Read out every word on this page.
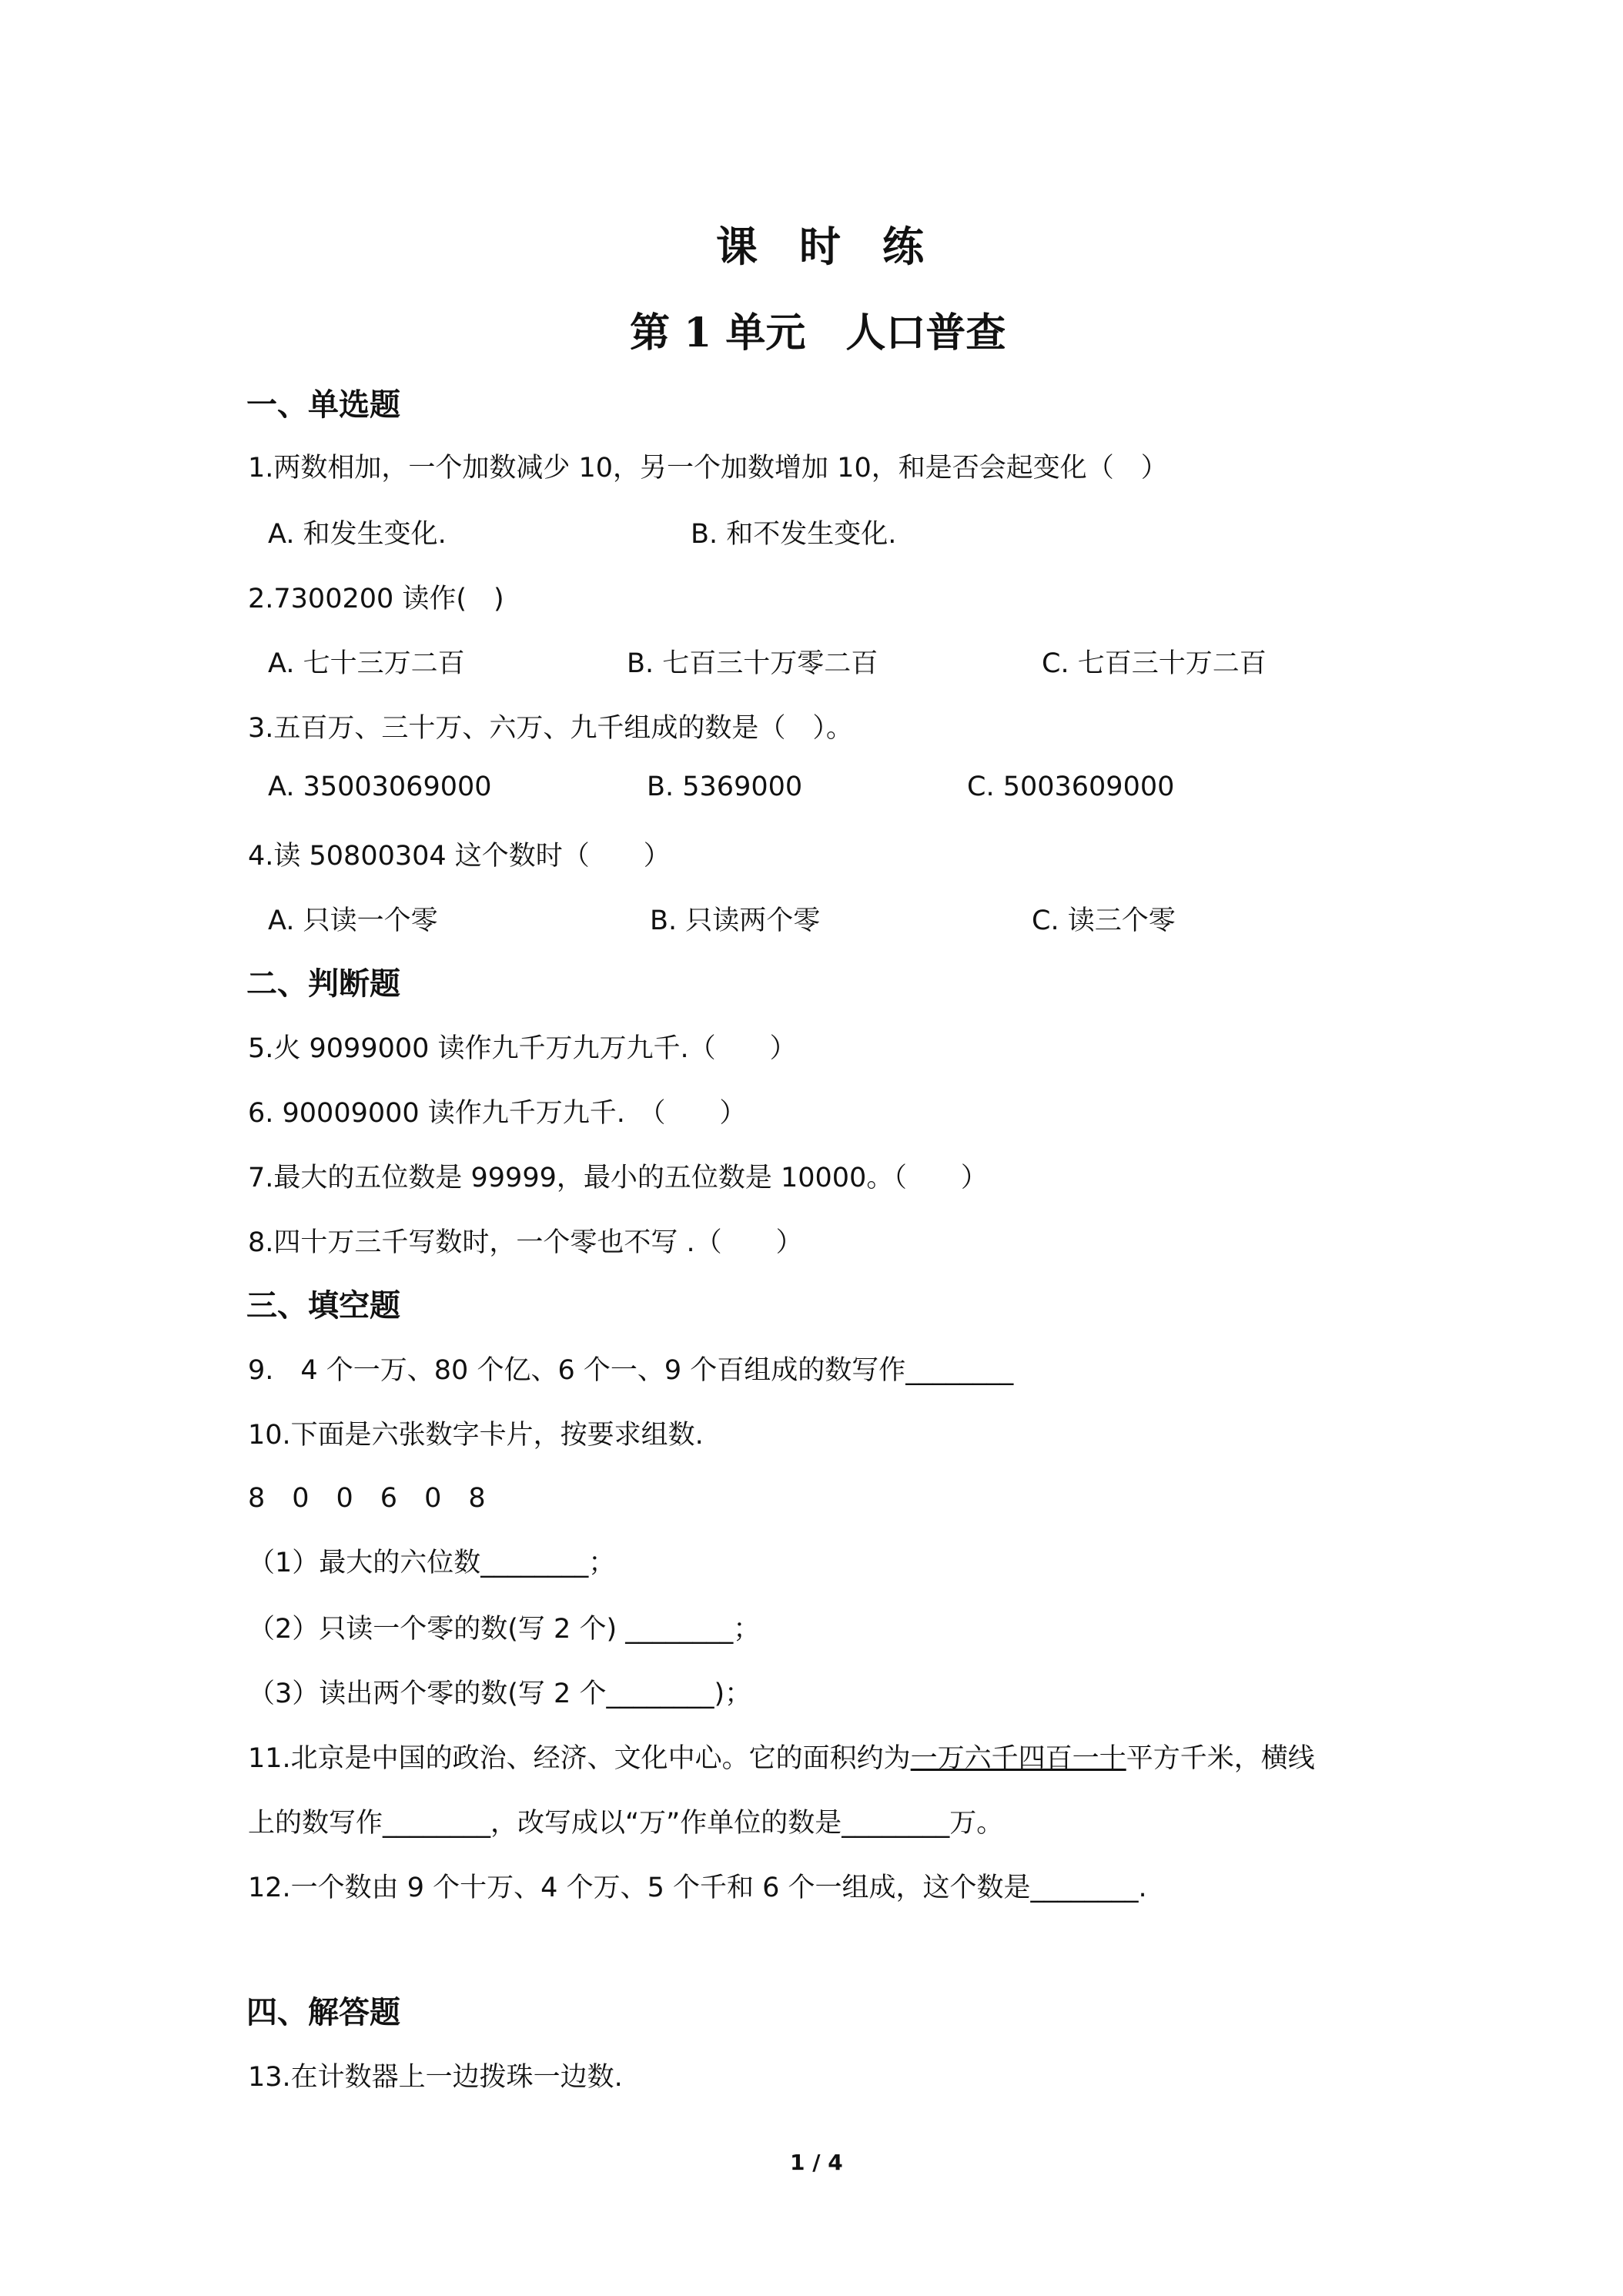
课　时　练
第 1 单元　人口普查
一、单选题
1.两数相加，一个加数减少 10，另一个加数增加 10，和是否会起变化（　）
A. 和发生变化.	B. 和不发生变化.
2.7300200 读作(　)
A. 七十三万二百	B. 七百三十万零二百	C. 七百三十万二百
3.五百万、三十万、六万、九千组成的数是（　）。
A. 35003069000	B. 5369000	C. 5003609000
4.读 50800304 这个数时（　　）
A. 只读一个零	B. 只读两个零	C. 读三个零
二、判断题
5.火 9099000 读作九千万九万九千.（　　）
6. 90009000 读作九千万九千.　（　　）
7.最大的五位数是 99999，最小的五位数是 10000。（　　）
8.四十万三千写数时，一个零也不写 .（　　）
三、填空题
9.　4 个一万、80 个亿、6 个一、9 个百组成的数写作________
10.下面是六张数字卡片，按要求组数.
8　0　0　6　0　8
（1）最大的六位数________；
（2）只读一个零的数(写 2 个) ________；
（3）读出两个零的数(写 2 个________)；
11.北京是中国的政治、经济、文化中心。它的面积约为一万六千四百一十平方千米，横线
上的数写作________，改写成以“万”作单位的数是________万。
12.一个数由 9 个十万、4 个万、5 个千和 6 个一组成，这个数是________.
四、解答题
13.在计数器上一边拨珠一边数.
1 / 4
